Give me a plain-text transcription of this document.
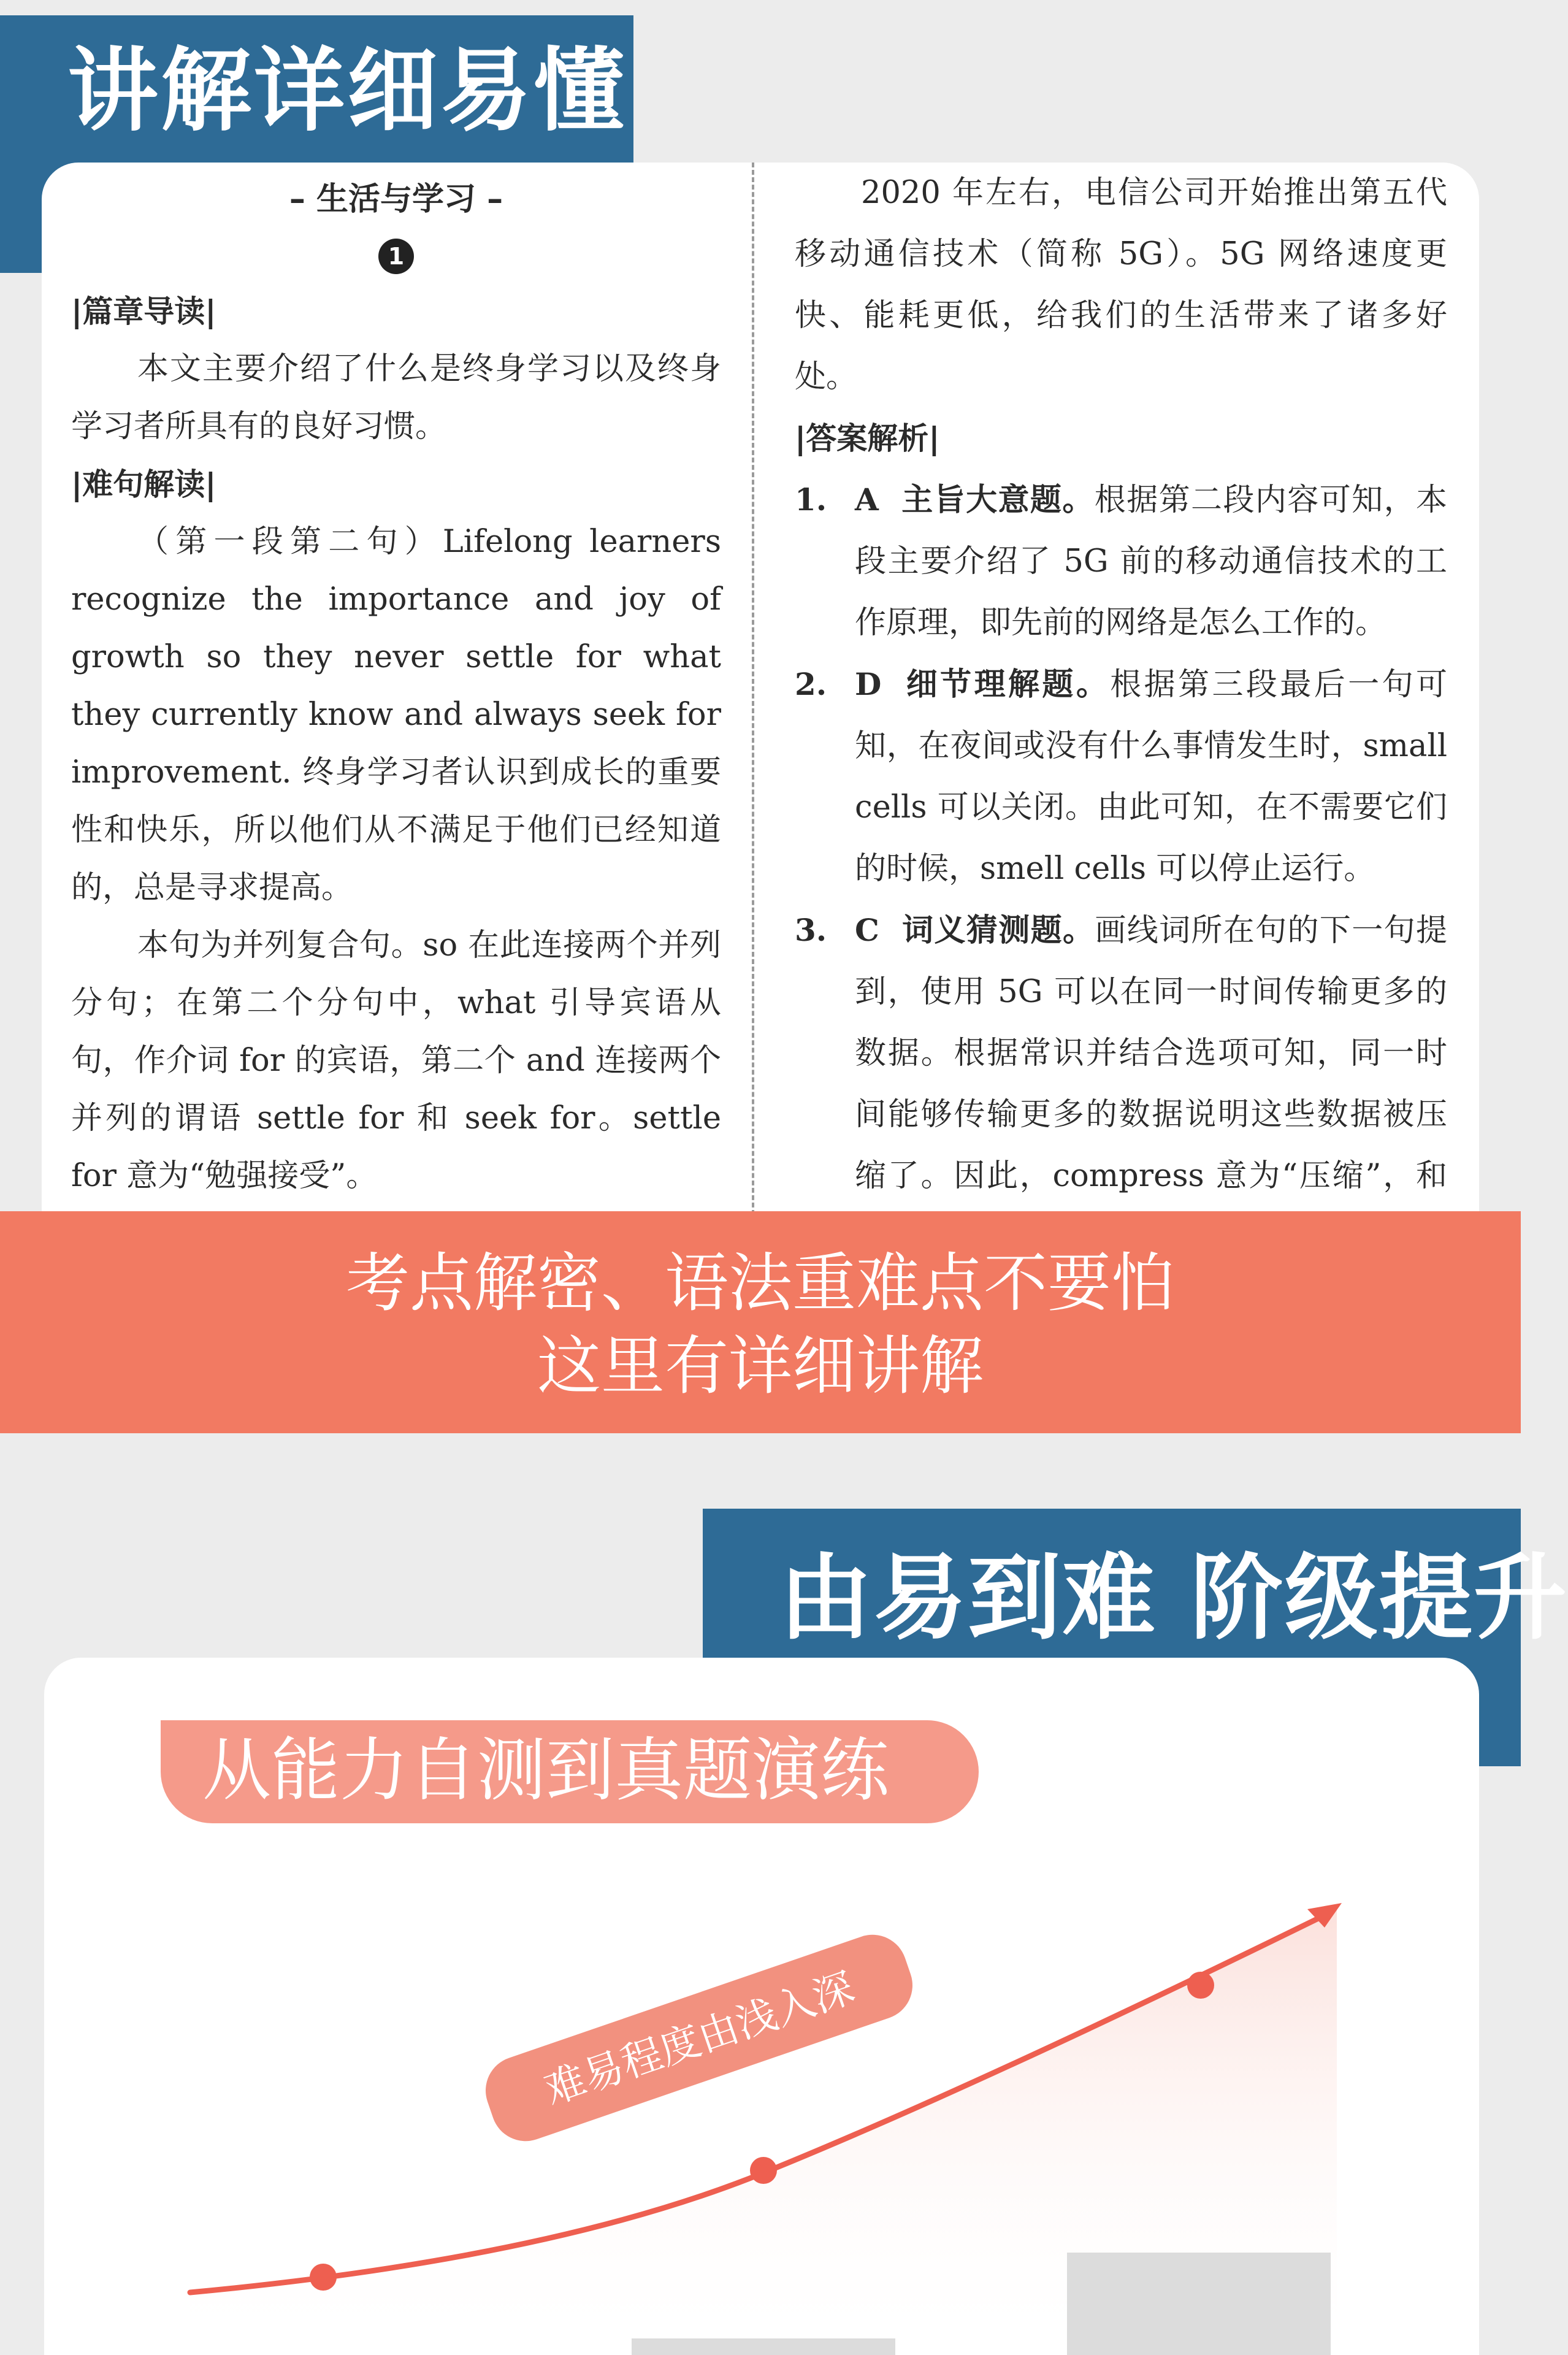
讲解详细易懂

– 生活与学习 –

1

|篇章导读|

本文主要介绍了什么是终身学习以及终身学习者所具有的良好习惯。

|难句解读|

（第一段第二句）Lifelong learners recognize the importance and joy of growth so they never settle for what they currently know and always seek for improvement. 终身学习者认识到成长的重要性和快乐，所以他们从不满足于他们已经知道的，总是寻求提高。

本句为并列复合句。so 在此连接两个并列分句；在第二个分句中，what 引导宾语从句，作介词 for 的宾语，第二个 and 连接两个并列的谓语 settle for 和 seek for。settle for 意为“勉强接受”。

2020 年左右，电信公司开始推出第五代移动通信技术（简称 5G）。5G 网络速度更快、能耗更低，给我们的生活带来了诸多好处。

|答案解析|

1. A 主旨大意题。根据第二段内容可知，本段主要介绍了 5G 前的移动通信技术的工作原理，即先前的网络是怎么工作的。
2. D 细节理解题。根据第三段最后一句可知，在夜间或没有什么事情发生时，small cells 可以关闭。由此可知，在不需要它们的时候，smell cells 可以停止运行。
3. C 词义猜测题。画线词所在句的下一句提到，使用 5G 可以在同一时间传输更多的数据。根据常识并结合选项可知，同一时间能够传输更多的数据说明这些数据被压缩了。因此，compress 意为“压缩”，和
考点解密、语法重难点不要怕
这里有详细讲解
由易到难 阶级提升
从能力自测到真题演练
难易程度由浅入深
